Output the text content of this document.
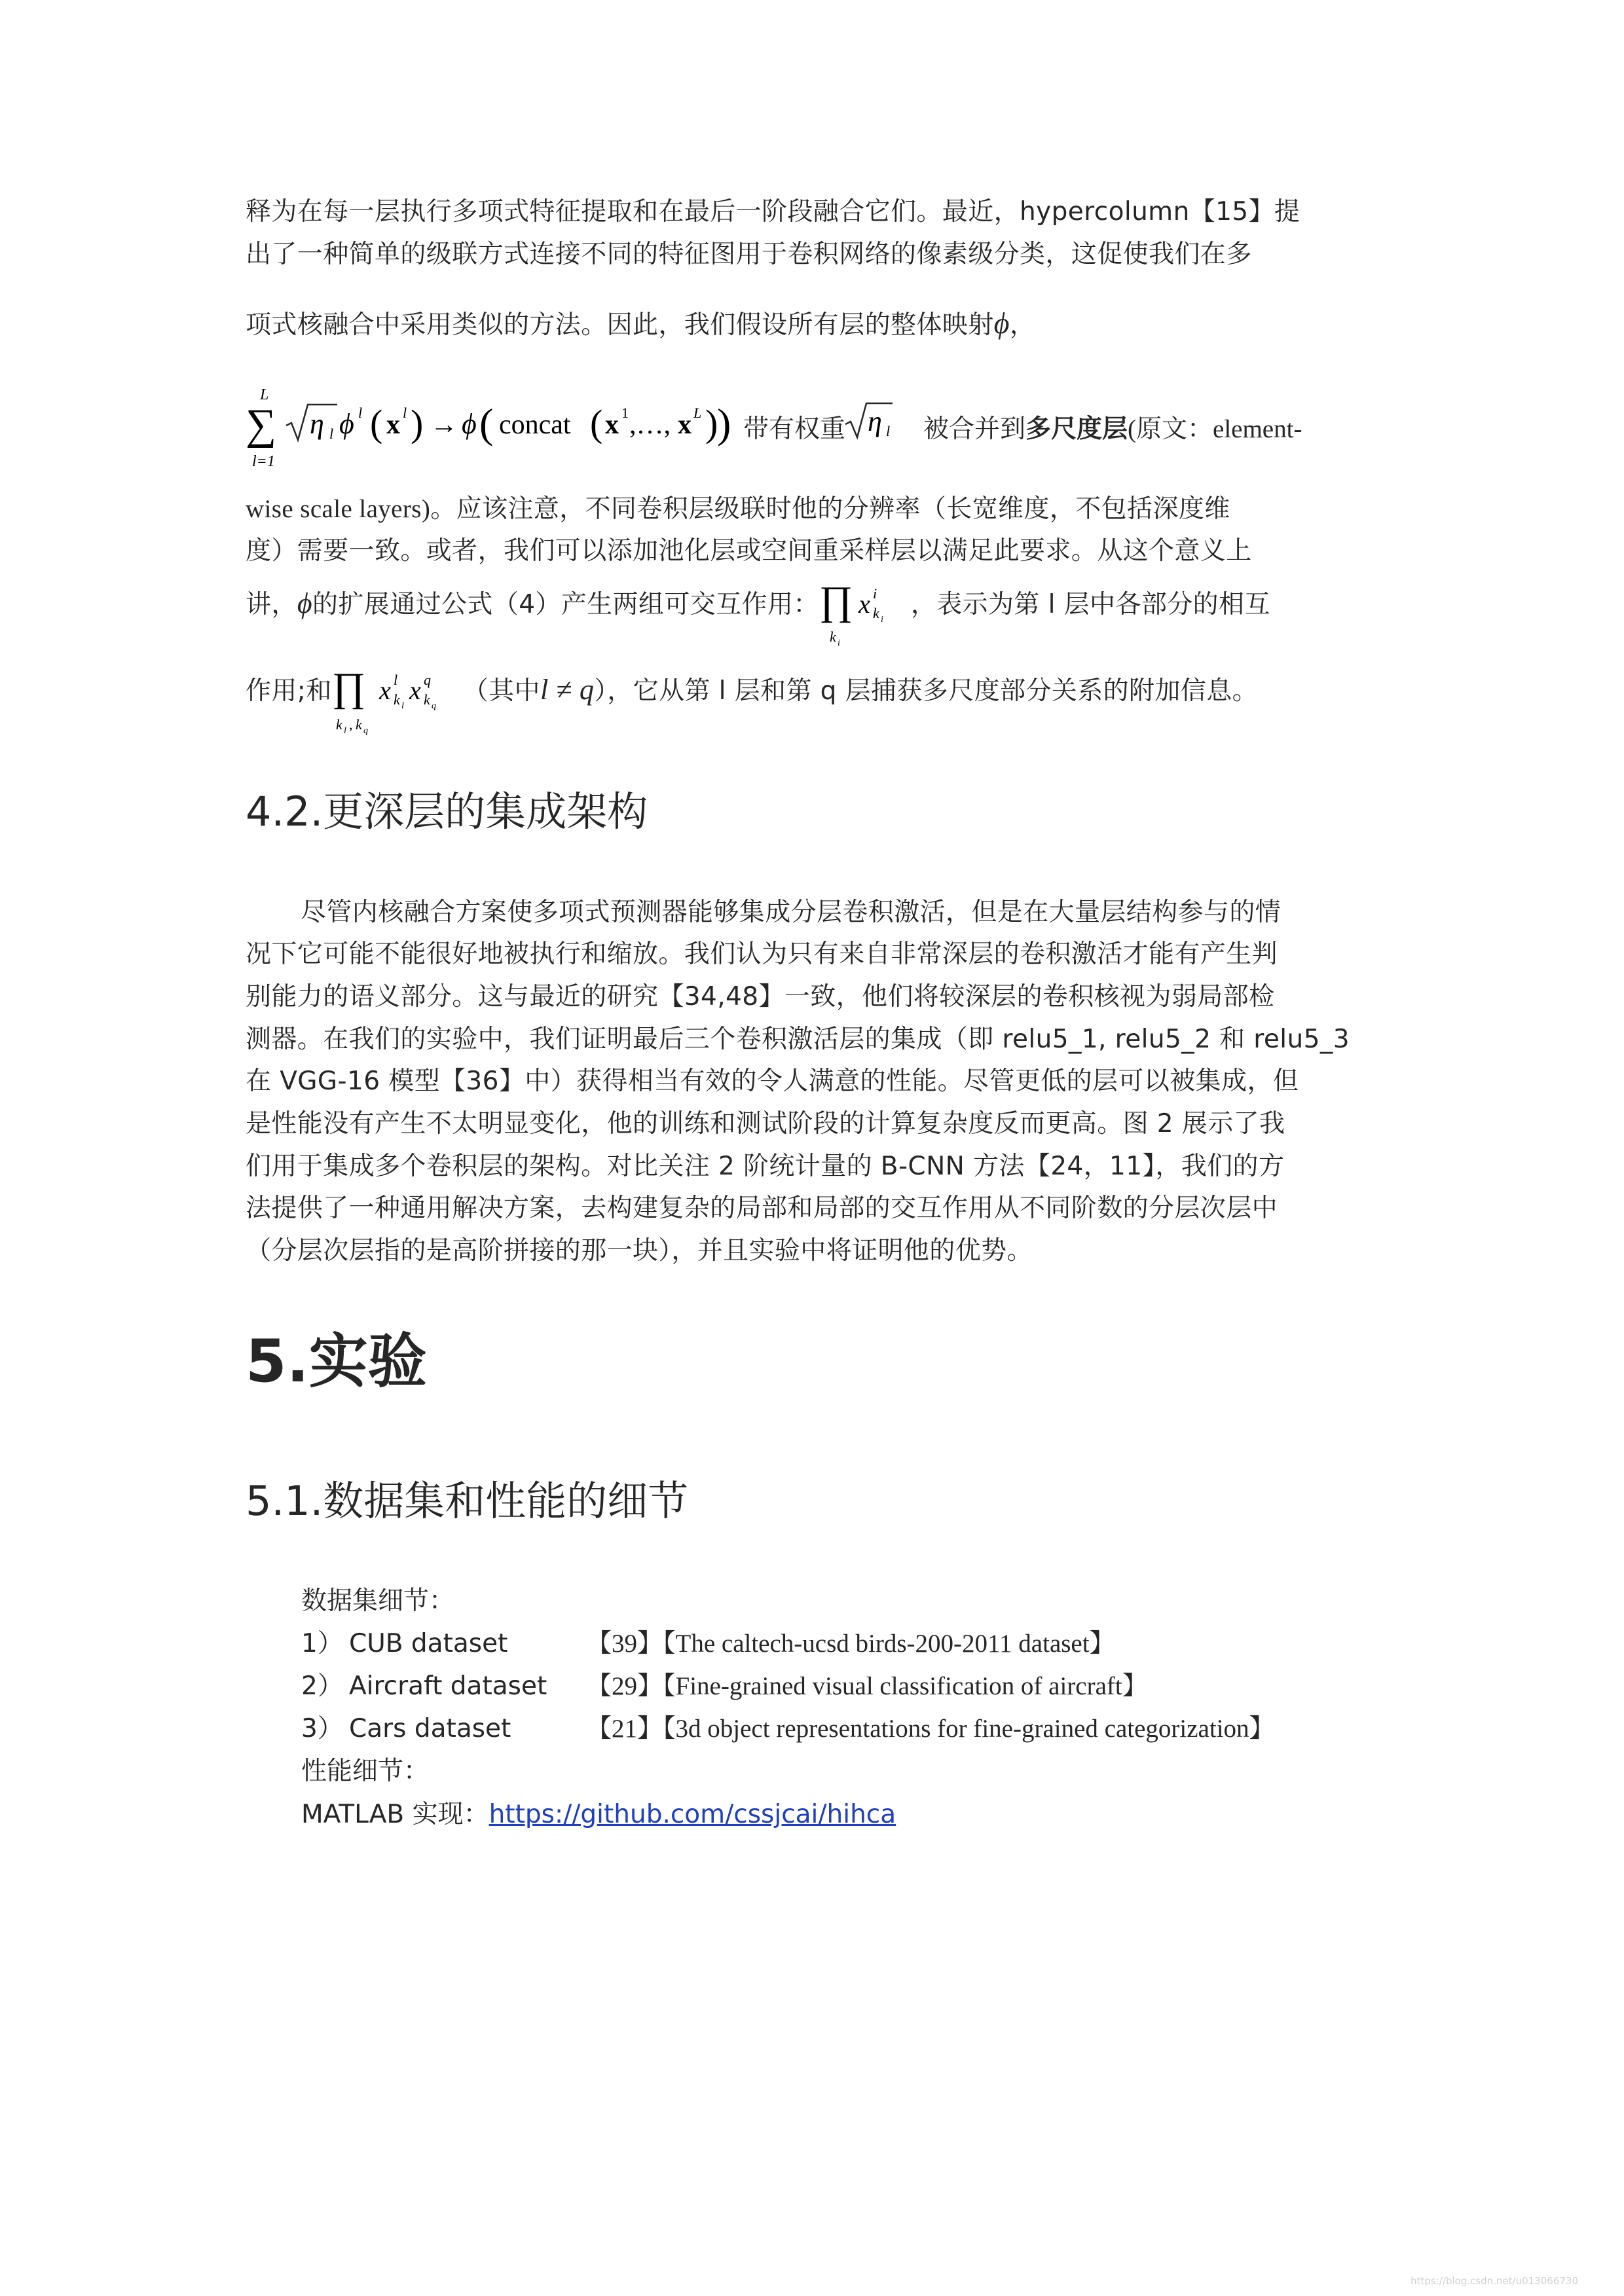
释为在每一层执行多项式特征提取和在最后一阶段融合它们。最近，hypercolumn【15】提
出了一种简单的级联方式连接不同的特征图用于卷积网络的像素级分类，这促使我们在多
项式核融合中采用类似的方法。因此，我们假设所有层的整体映射ϕ，
L
∑
l=1
η l ϕ l ( x l ) → ϕ ( concat ( x 1 ,…, x L )
) 带有权重 η l 被合并到多尺度层(原文：element-
wise scale layers)。应该注意，不同卷积层级联时他的分辨率（长宽维度，不包括深度维
度）需要一致。或者，我们可以添加池化层或空间重采样层以满足此要求。从这个意义上
讲，ϕ的扩展通过公式（4）产生两组可交互作用： ∏
k i
x i
k i ，表示为第 l 层中各部分的相互
作用;和 ∏
k l , k q
x l
k l
x q
k q （其中l ≠ q），它从第 l 层和第 q 层捕获多尺度部分关系的附加信息。
4.2.更深层的集成架构
尽管内核融合方案使多项式预测器能够集成分层卷积激活，但是在大量层结构参与的情
况下它可能不能很好地被执行和缩放。我们认为只有来自非常深层的卷积激活才能有产生判
别能力的语义部分。这与最近的研究【34,48】一致，他们将较深层的卷积核视为弱局部检
测器。在我们的实验中，我们证明最后三个卷积激活层的集成（即 relu5_1, relu5_2 和 relu5_3
在 VGG-16 模型【36】中）获得相当有效的令人满意的性能。尽管更低的层可以被集成，但
是性能没有产生不太明显变化，他的训练和测试阶段的计算复杂度反而更高。图 2 展示了我
们用于集成多个卷积层的架构。对比关注 2 阶统计量的 B-CNN 方法【24，11】，我们的方
法提供了一种通用解决方案，去构建复杂的局部和局部的交互作用从不同阶数的分层次层中
（分层次层指的是高阶拼接的那一块），并且实验中将证明他的优势。
5.实验
5.1.数据集和性能的细节
数据集细节：
1） CUB dataset	【39】【The caltech-ucsd birds-200-2011 dataset】
2） Aircraft dataset 【29】【Fine-grained visual classification of aircraft】
3） Cars dataset	【21】【3d object representations for fine-grained categorization】
性能细节：
MATLAB 实现：https://github.com/cssjcai/hihca
https://blog.csdn.net/u013066730
